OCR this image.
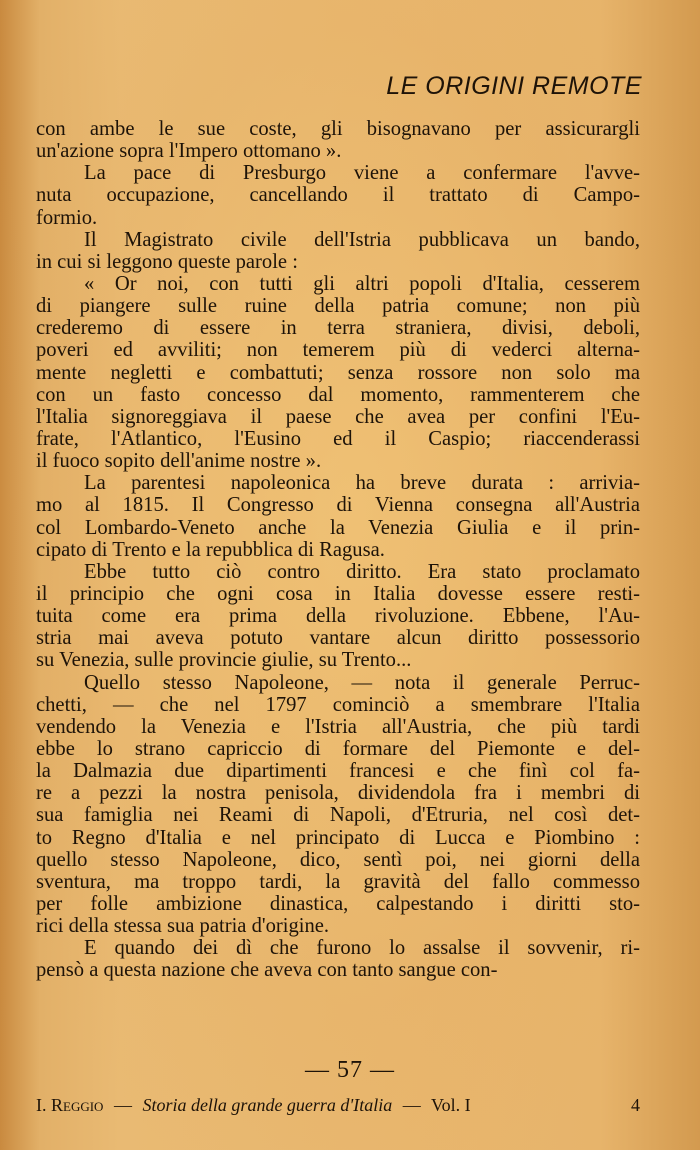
LE ORIGINI REMOTE
con ambe le sue coste, gli bisognavano per assicurargli
un'azione sopra l'Impero ottomano ».
La pace di Presburgo viene a confermare l'avve-
nuta occupazione, cancellando il trattato di Campo-
formio.
Il Magistrato civile dell'Istria pubblicava un bando,
in cui si leggono queste parole :
« Or noi, con tutti gli altri popoli d'Italia, cesserem
di piangere sulle ruine della patria comune; non più
crederemo di essere in terra straniera, divisi, deboli,
poveri ed avviliti; non temerem più di vederci alterna-
mente negletti e combattuti; senza rossore non solo ma
con un fasto concesso dal momento, rammenterem che
l'Italia signoreggiava il paese che avea per confini l'Eu-
frate, l'Atlantico, l'Eusino ed il Caspio; riaccenderassi
il fuoco sopito dell'anime nostre ».
La parentesi napoleonica ha breve durata : arrivia-
mo al 1815. Il Congresso di Vienna consegna all'Austria
col Lombardo-Veneto anche la Venezia Giulia e il prin-
cipato di Trento e la repubblica di Ragusa.
Ebbe tutto ciò contro diritto. Era stato proclamato
il principio che ogni cosa in Italia dovesse essere resti-
tuita come era prima della rivoluzione. Ebbene, l'Au-
stria mai aveva potuto vantare alcun diritto possessorio
su Venezia, sulle provincie giulie, su Trento...
Quello stesso Napoleone, — nota il generale Perruc-
chetti, — che nel 1797 cominciò a smembrare l'Italia
vendendo la Venezia e l'Istria all'Austria, che più tardi
ebbe lo strano capriccio di formare del Piemonte e del-
la Dalmazia due dipartimenti francesi e che finì col fa-
re a pezzi la nostra penisola, dividendola fra i membri di
sua famiglia nei Reami di Napoli, d'Etruria, nel così det-
to Regno d'Italia e nel principato di Lucca e Piombino :
quello stesso Napoleone, dico, sentì poi, nei giorni della
sventura, ma troppo tardi, la gravità del fallo commesso
per folle ambizione dinastica, calpestando i diritti sto-
rici della stessa sua patria d'origine.
E quando dei dì che furono lo assalse il sovvenir, ri-
pensò a questa nazione che aveva con tanto sangue con-
— 57 —
I. Reggio — Storia della grande guerra d'Italia — Vol. I	4
